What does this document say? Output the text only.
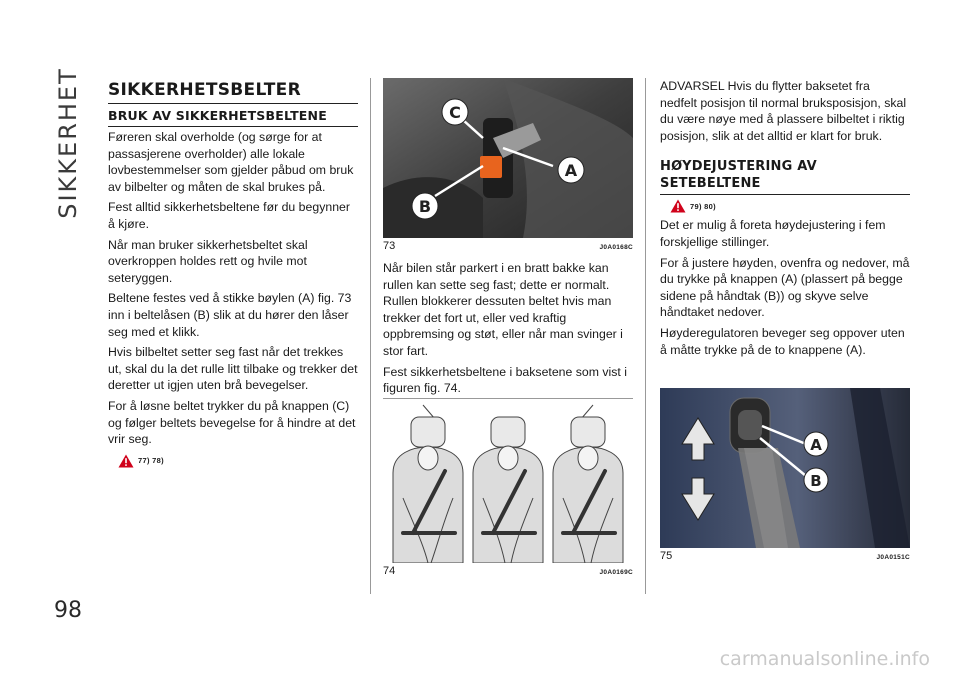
SIKKERHET
98
SIKKERHETSBELTER
BRUK AV SIKKERHETSBELTENE

Føreren skal overholde (og sørge for at passasjerene overholder) alle lokale lovbestemmelser som gjelder påbud om bruk av bilbelter og måten de skal brukes på.

Fest alltid sikkerhetsbeltene før du begynner å kjøre.

Når man bruker sikkerhetsbeltet skal overkroppen holdes rett og hvile mot seteryggen.

Beltene festes ved å stikke bøylen (A) fig. 73 inn i beltelåsen (B) slik at du hører den låser seg med et klikk.

Hvis bilbeltet setter seg fast når det trekkes ut, skal du la det rulle litt tilbake og trekker det deretter ut igjen uten brå bevegelser.

For å løsne beltet trykker du på knappen (C) og følger beltets bevegelse for å hindre at det vrir seg.

77) 78)
C
A
B
73	J0A0168C

Når bilen står parkert i en bratt bakke kan rullen kan sette seg fast; dette er normalt. Rullen blokkerer dessuten beltet hvis man trekker det fort ut, eller ved kraftig oppbremsing og støt, eller når man svinger i stor fart.

Fest sikkerhetsbeltene i baksetene som vist i figuren fig. 74.

74	J0A0169C

ADVARSEL Hvis du flytter baksetet fra nedfelt posisjon til normal bruksposisjon, skal du være nøye med å plassere bilbeltet i riktig posisjon, slik at det alltid er klart for bruk.

HØYDEJUSTERING AV SETEBELTENE
79) 80)

Det er mulig å foreta høydejustering i fem forskjellige stillinger.

For å justere høyden, ovenfra og nedover, må du trykke på knappen (A) (plassert på begge sidene på håndtak (B)) og skyve selve håndtaket nedover.

Høyderegulatoren beveger seg oppover uten å måtte trykke på de to knappene (A).

A
B
75	J0A0151C
carmanualsonline.info
